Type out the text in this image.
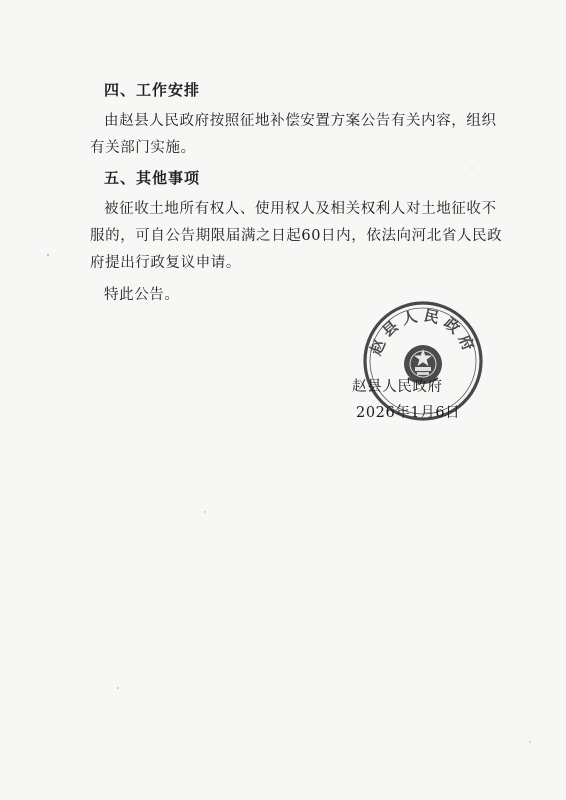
四、工作安排

由赵县人民政府按照征地补偿安置方案公告有关内容，组织有关部门实施。

五、其他事项

被征收土地所有权人、使用权人及相关权利人对土地征收不服的，可自公告期限届满之日起60日内，依法向河北省人民政府提出行政复议申请。

特此公告。
赵县人民政府
赵县人民政府
2026年1月6日
